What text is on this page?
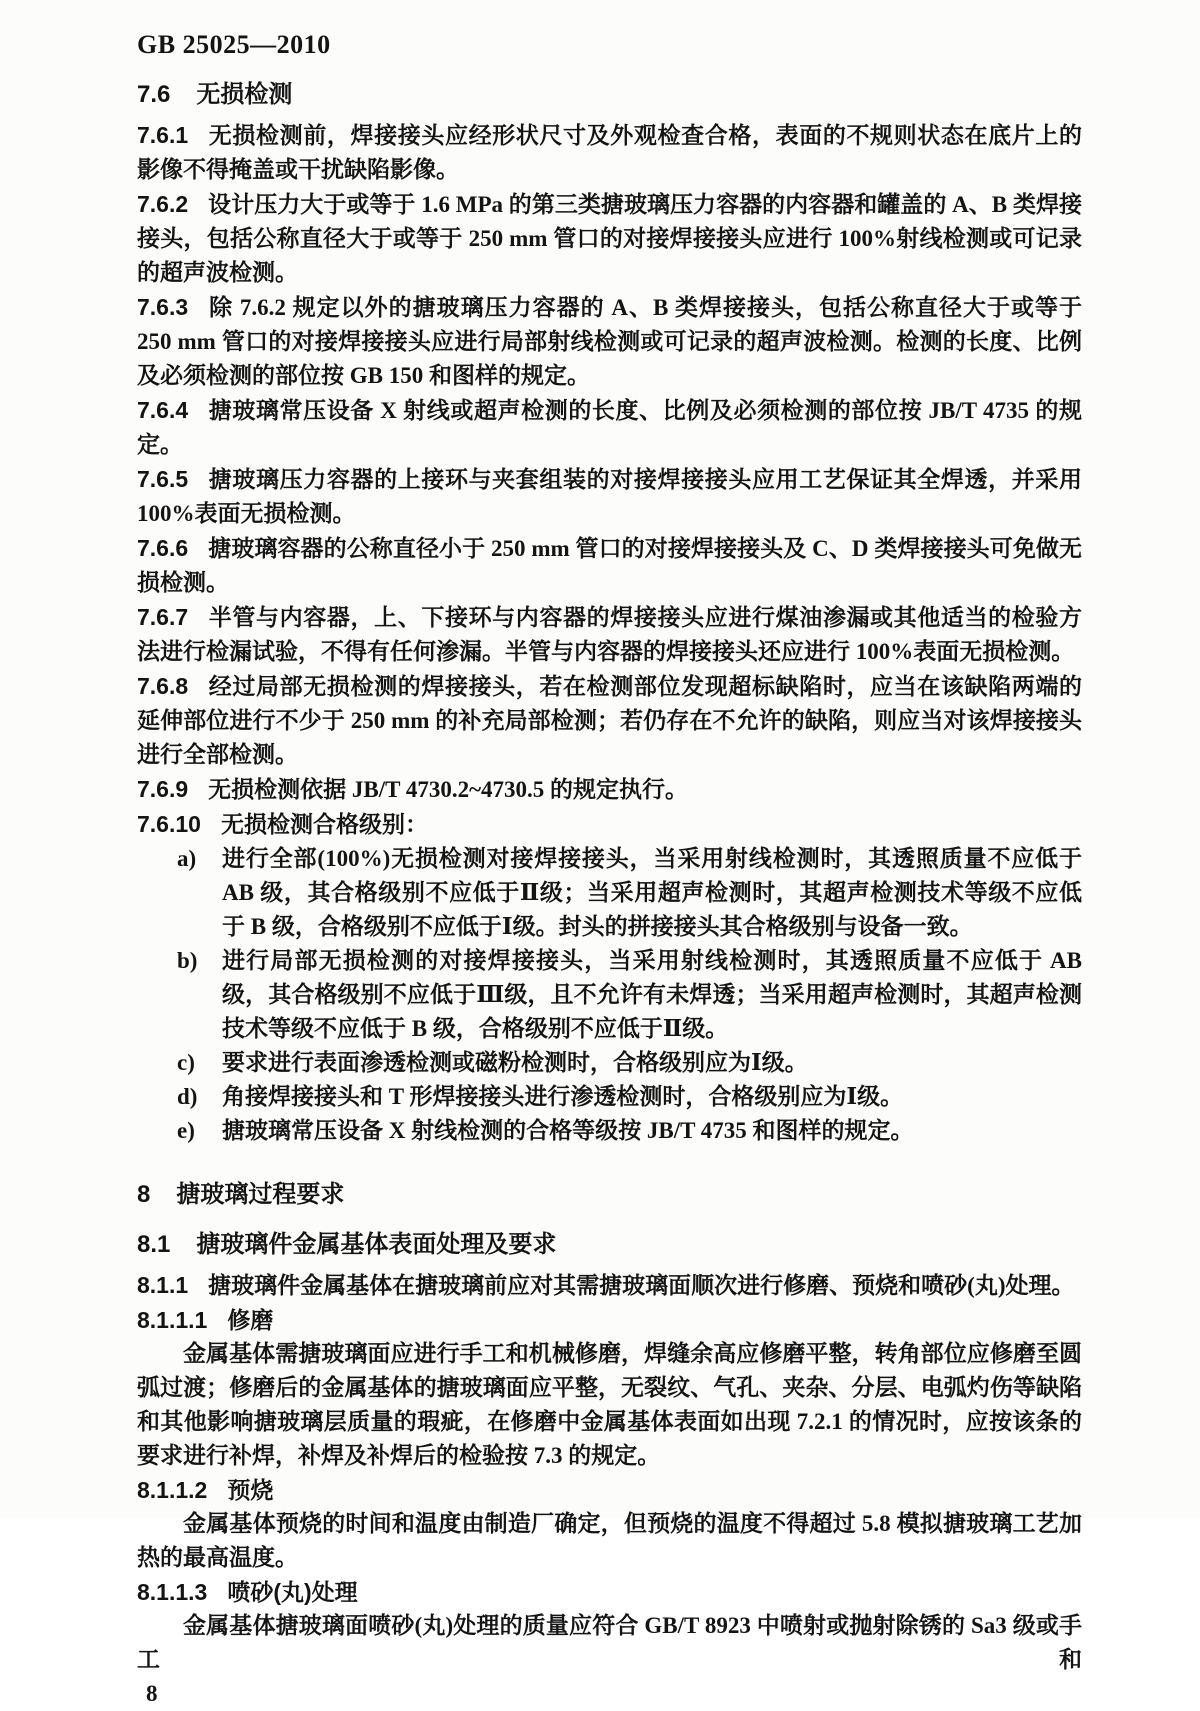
GB 25025—2010

7.6 无损检测

7.6.1 无损检测前，焊接接头应经形状尺寸及外观检查合格，表面的不规则状态在底片上的影像不得掩盖或干扰缺陷影像。

7.6.2 设计压力大于或等于 1.6 MPa 的第三类搪玻璃压力容器的内容器和罐盖的 A、B 类焊接接头，包括公称直径大于或等于 250 mm 管口的对接焊接接头应进行 100%射线检测或可记录的超声波检测。

7.6.3 除 7.6.2 规定以外的搪玻璃压力容器的 A、B 类焊接接头，包括公称直径大于或等于 250 mm 管口的对接焊接接头应进行局部射线检测或可记录的超声波检测。检测的长度、比例及必须检测的部位按 GB 150 和图样的规定。

7.6.4 搪玻璃常压设备 X 射线或超声检测的长度、比例及必须检测的部位按 JB/T 4735 的规定。

7.6.5 搪玻璃压力容器的上接环与夹套组装的对接焊接接头应用工艺保证其全焊透，并采用 100%表面无损检测。

7.6.6 搪玻璃容器的公称直径小于 250 mm 管口的对接焊接接头及 C、D 类焊接接头可免做无损检测。

7.6.7 半管与内容器，上、下接环与内容器的焊接接头应进行煤油渗漏或其他适当的检验方法进行检漏试验，不得有任何渗漏。半管与内容器的焊接接头还应进行 100%表面无损检测。

7.6.8 经过局部无损检测的焊接接头，若在检测部位发现超标缺陷时，应当在该缺陷两端的延伸部位进行不少于 250 mm 的补充局部检测；若仍存在不允许的缺陷，则应当对该焊接接头进行全部检测。

7.6.9 无损检测依据 JB/T 4730.2~4730.5 的规定执行。

7.6.10 无损检测合格级别：

a) 进行全部(100%)无损检测对接焊接接头，当采用射线检测时，其透照质量不应低于 AB 级，其合格级别不应低于Ⅱ级；当采用超声检测时，其超声检测技术等级不应低于 B 级，合格级别不应低于Ⅰ级。封头的拼接接头其合格级别与设备一致。

b) 进行局部无损检测的对接焊接接头，当采用射线检测时，其透照质量不应低于 AB 级，其合格级别不应低于Ⅲ级，且不允许有未焊透；当采用超声检测时，其超声检测技术等级不应低于 B 级，合格级别不应低于Ⅱ级。

c) 要求进行表面渗透检测或磁粉检测时，合格级别应为Ⅰ级。

d) 角接焊接接头和 T 形焊接接头进行渗透检测时，合格级别应为Ⅰ级。

e) 搪玻璃常压设备 X 射线检测的合格等级按 JB/T 4735 和图样的规定。

8 搪玻璃过程要求

8.1 搪玻璃件金属基体表面处理及要求

8.1.1 搪玻璃件金属基体在搪玻璃前应对其需搪玻璃面顺次进行修磨、预烧和喷砂(丸)处理。

8.1.1.1 修磨

金属基体需搪玻璃面应进行手工和机械修磨，焊缝余高应修磨平整，转角部位应修磨至圆弧过渡；修磨后的金属基体的搪玻璃面应平整，无裂纹、气孔、夹杂、分层、电弧灼伤等缺陷和其他影响搪玻璃层质量的瑕疵，在修磨中金属基体表面如出现 7.2.1 的情况时，应按该条的要求进行补焊，补焊及补焊后的检验按 7.3 的规定。

8.1.1.2 预烧

金属基体预烧的时间和温度由制造厂确定，但预烧的温度不得超过 5.8 模拟搪玻璃工艺加热的最高温度。

8.1.1.3 喷砂(丸)处理

金属基体搪玻璃面喷砂(丸)处理的质量应符合 GB/T 8923 中喷射或抛射除锈的 Sa3 级或手工和

8
